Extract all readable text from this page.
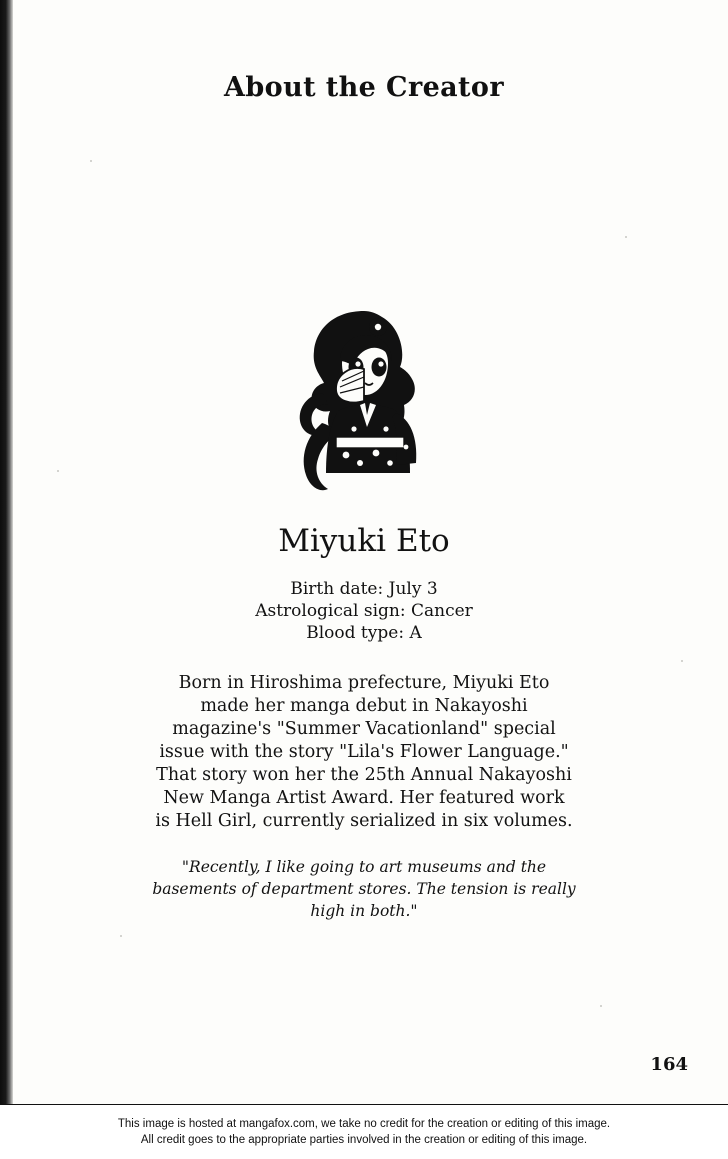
About the Creator
Miyuki Eto
Birth date: July 3
Astrological sign: Cancer
Blood type: A
Born in Hiroshima prefecture, Miyuki Eto made her manga debut in Nakayoshi magazine's "Summer Vacationland" special issue with the story "Lila's Flower Language." That story won her the 25th Annual Nakayoshi New Manga Artist Award. Her featured work is Hell Girl, currently serialized in six volumes.
"Recently, I like going to art museums and the basements of department stores. The tension is really high in both."
164
This image is hosted at mangafox.com, we take no credit for the creation or editing of this image.
All credit goes to the appropriate parties involved in the creation or editing of this image.
